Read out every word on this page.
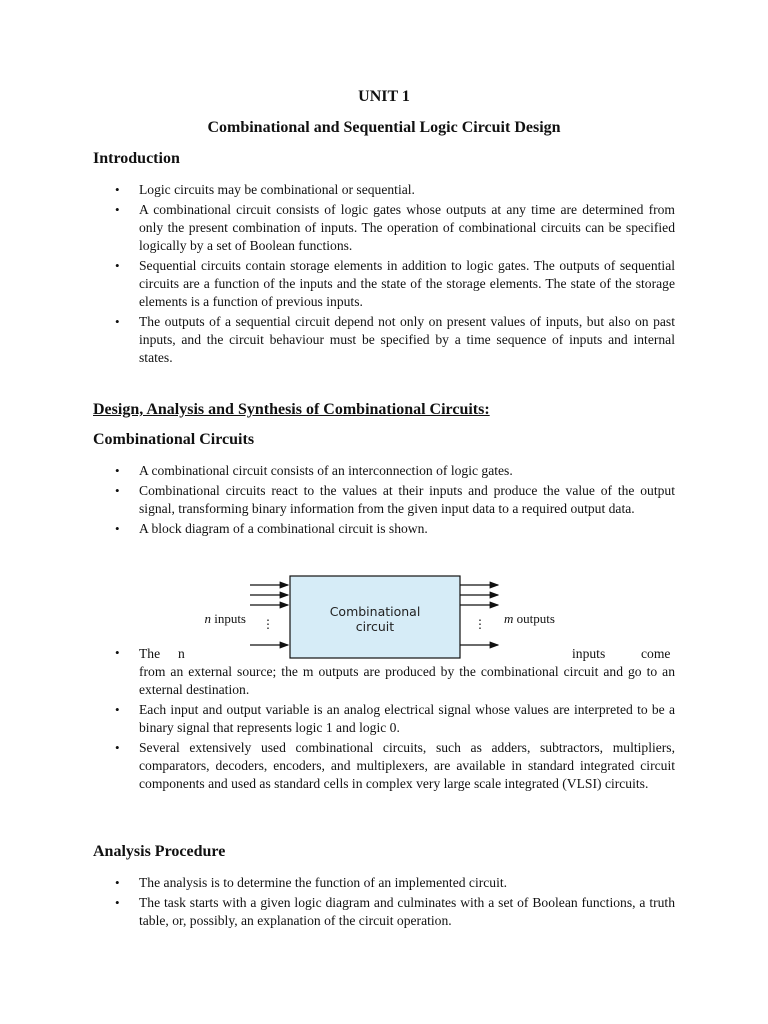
UNIT 1
Combinational and Sequential Logic Circuit Design
Introduction
• Logic circuits may be combinational or sequential.
• A combinational circuit consists of logic gates whose outputs at any time are determined from only the present combination of inputs. The operation of combinational circuits can be specified logically by a set of Boolean functions.
• Sequential circuits contain storage elements in addition to logic gates. The outputs of sequential circuits are a function of the inputs and the state of the storage elements. The state of the storage elements is a function of previous inputs.
• The outputs of a sequential circuit depend not only on present values of inputs, but also on past inputs, and the circuit behaviour must be specified by a time sequence of inputs and internal states.
Design, Analysis and Synthesis of Combinational Circuits:
Combinational Circuits
• A combinational circuit consists of an interconnection of logic gates.
• Combinational circuits react to the values at their inputs and produce the value of the output signal, transforming binary information from the given input data to a required output data.
• A block diagram of a combinational circuit is shown.
⋮
Combinational
circuit	⋮
n inputs	m outputs
• The n	inputs	come
from an external source; the m outputs are produced by the combinational circuit and go to an external destination.
• Each input and output variable is an analog electrical signal whose values are interpreted to be a binary signal that represents logic 1 and logic 0.
• Several extensively used combinational circuits, such as adders, subtractors, multipliers, comparators, decoders, encoders, and multiplexers, are available in standard integrated circuit components and used as standard cells in complex very large scale integrated (VLSI) circuits.
Analysis Procedure
• The analysis is to determine the function of an implemented circuit.
• The task starts with a given logic diagram and culminates with a set of Boolean functions, a truth table, or, possibly, an explanation of the circuit operation.
